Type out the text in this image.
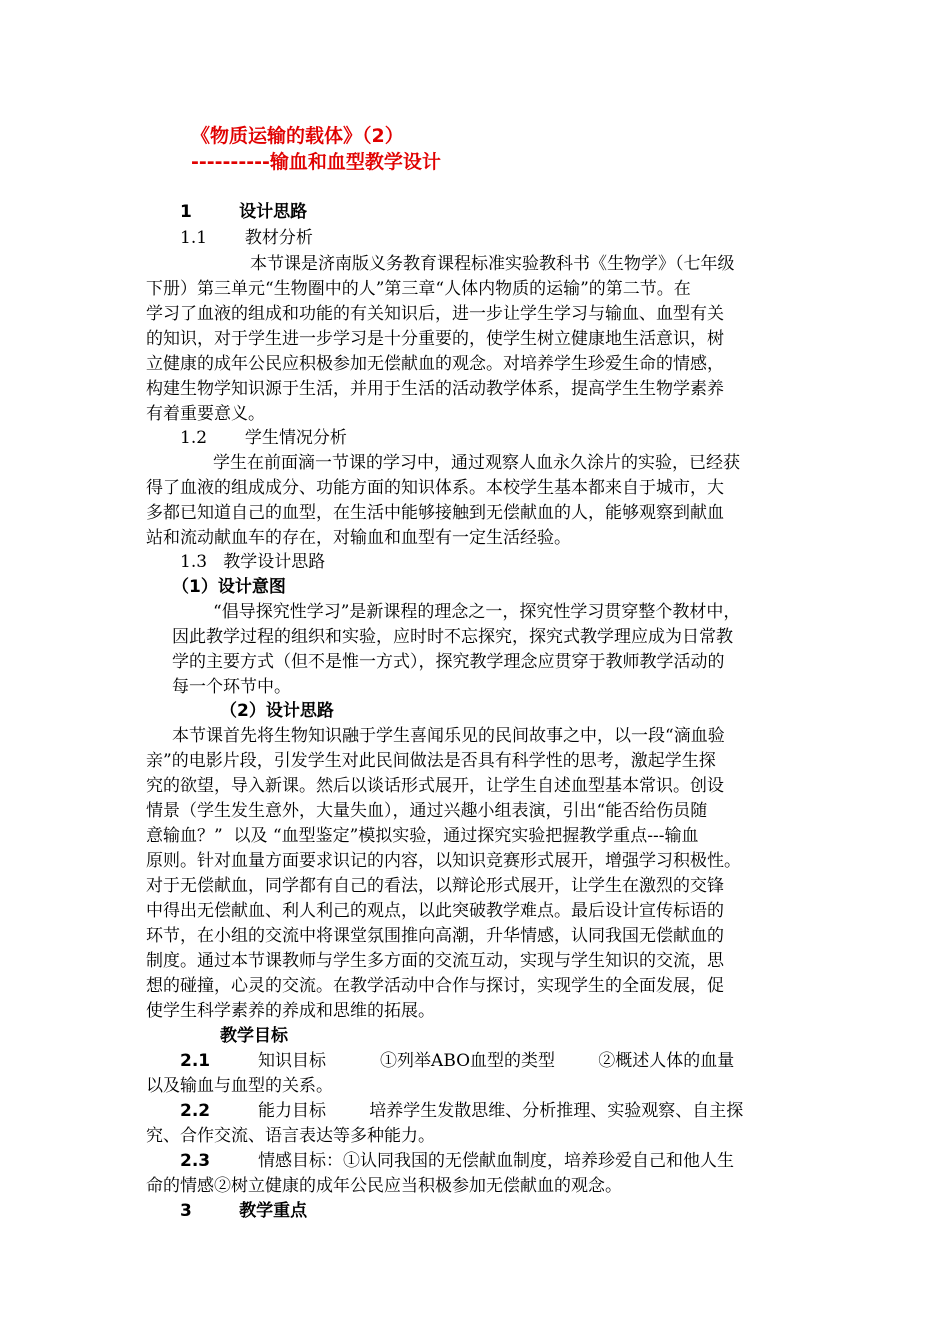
《物质运输的载体》（2）
----------输血和血型教学设计
1        设计思路
1.1       教材分析
本节课是济南版义务教育课程标准实验教科书《生物学》（七年级
下册）第三单元“生物圈中的人”第三章“人体内物质的运输”的第二节。在
学习了血液的组成和功能的有关知识后，进一步让学生学习与输血、血型有关
的知识，对于学生进一步学习是十分重要的，使学生树立健康地生活意识，树
立健康的成年公民应积极参加无偿献血的观念。对培养学生珍爱生命的情感，
构建生物学知识源于生活，并用于生活的活动教学体系，提高学生生物学素养
有着重要意义。
1.2       学生情况分析
学生在前面滴一节课的学习中，通过观察人血永久涂片的实验，已经获
得了血液的组成成分、功能方面的知识体系。本校学生基本都来自于城市，大
多都已知道自己的血型，在生活中能够接触到无偿献血的人，能够观察到献血
站和流动献血车的存在，对输血和血型有一定生活经验。
1.3   教学设计思路
（1）设计意图
“倡导探究性学习”是新课程的理念之一，探究性学习贯穿整个教材中，
因此教学过程的组织和实验，应时时不忘探究，探究式教学理应成为日常教
学的主要方式（但不是惟一方式），探究教学理念应贯穿于教师教学活动的
每一个环节中。
（2）设计思路
本节课首先将生物知识融于学生喜闻乐见的民间故事之中，以一段“滴血验
亲”的电影片段，引发学生对此民间做法是否具有科学性的思考，激起学生探
究的欲望，导入新课。然后以谈话形式展开，让学生自述血型基本常识。创设
情景（学生发生意外，大量失血），通过兴趣小组表演，引出“能否给伤员随
意输血？”  以及 “血型鉴定”模拟实验，通过探究实验把握教学重点---输血
原则。针对血量方面要求识记的内容，以知识竞赛形式展开，增强学习积极性。
对于无偿献血，同学都有自己的看法，以辩论形式展开，让学生在激烈的交锋
中得出无偿献血、利人利己的观点，以此突破教学难点。最后设计宣传标语的
环节，在小组的交流中将课堂氛围推向高潮，升华情感，认同我国无偿献血的
制度。通过本节课教师与学生多方面的交流互动，实现与学生知识的交流，思
想的碰撞，心灵的交流。在教学活动中合作与探讨，实现学生的全面发展，促
使学生科学素养的养成和思维的拓展。
教学目标
2.1	知识目标          ①列举ABO血型的类型        ②概述人体的血量
以及输血与血型的关系。
2.2	能力目标        培养学生发散思维、分析推理、实验观察、自主探
究、合作交流、语言表达等多种能力。
2.3	情感目标：①认同我国的无偿献血制度，培养珍爱自己和他人生
命的情感②树立健康的成年公民应当积极参加无偿献血的观念。
3        教学重点
